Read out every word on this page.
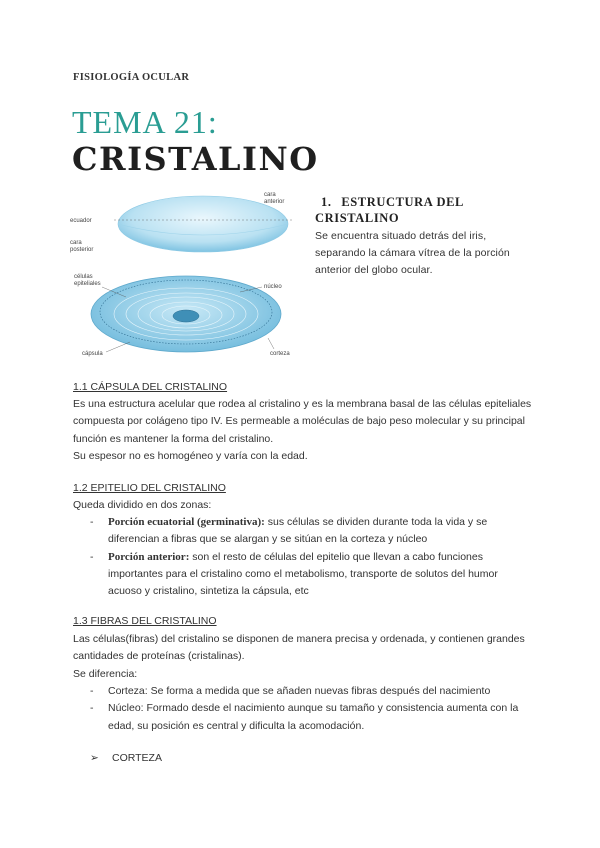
FISIOLOGÍA OCULAR
TEMA 21:
CRISTALINO
cara
anterior
ecuador
cara
posterior
células
epiteliales	núcleo
cápsula	corteza
1. ESTRUCTURA DEL
CRISTALINO
Se encuentra situado detrás del iris, separando la cámara vítrea de la porción anterior del globo ocular.
1.1 CÁPSULA DEL CRISTALINO
Es una estructura acelular que rodea al cristalino y es la membrana basal de las células epiteliales compuesta por colágeno tipo IV. Es permeable a moléculas de bajo peso molecular y su principal función es mantener la forma del cristalino.
Su espesor no es homogéneo y varía con la edad.
1.2 EPITELIO DEL CRISTALINO
Queda dividido en dos zonas:
- Porción ecuatorial (germinativa): sus células se dividen durante toda la vida y se diferencian a fibras que se alargan y se sitúan en la corteza y núcleo
- Porción anterior: son el resto de células del epitelio que llevan a cabo funciones importantes para el cristalino como el metabolismo, transporte de solutos del humor acuoso y cristalino, sintetiza la cápsula, etc
1.3 FIBRAS DEL CRISTALINO
Las células(fibras) del cristalino se disponen de manera precisa y ordenada, y contienen grandes cantidades de proteínas (cristalinas).
Se diferencia:
- Corteza: Se forma a medida que se añaden nuevas fibras después del nacimiento
- Núcleo: Formado desde el nacimiento aunque su tamaño y consistencia aumenta con la edad, su posición es central y dificulta la acomodación.
➢ CORTEZA
